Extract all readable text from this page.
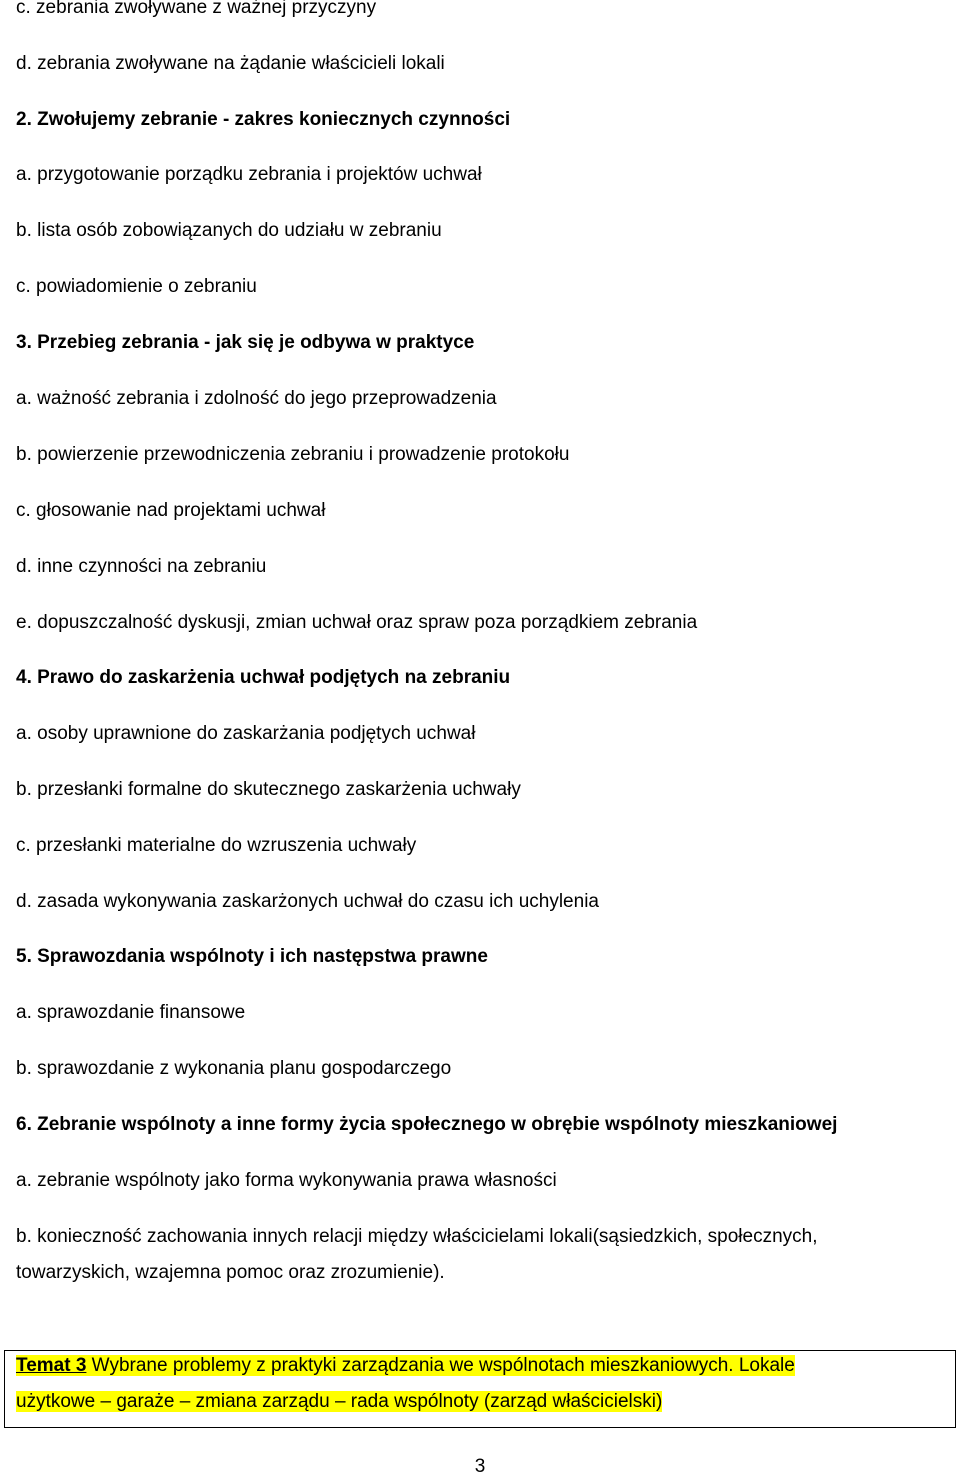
c. zebrania zwoływane z ważnej przyczyny

d. zebrania zwoływane na żądanie właścicieli lokali

2. Zwołujemy zebranie - zakres koniecznych czynności

a. przygotowanie porządku zebrania i projektów uchwał

b. lista osób zobowiązanych do udziału w zebraniu

c. powiadomienie o zebraniu

3. Przebieg zebrania - jak się je odbywa w praktyce

a. ważność zebrania i zdolność do jego przeprowadzenia

b. powierzenie przewodniczenia zebraniu i prowadzenie protokołu

c. głosowanie nad projektami uchwał

d. inne czynności na zebraniu

e. dopuszczalność dyskusji, zmian uchwał oraz spraw poza porządkiem zebrania

4. Prawo do zaskarżenia uchwał podjętych na zebraniu

a. osoby uprawnione do zaskarżania podjętych uchwał

b. przesłanki formalne do skutecznego zaskarżenia uchwały

c. przesłanki materialne do wzruszenia uchwały

d. zasada wykonywania zaskarżonych uchwał do czasu ich uchylenia

5. Sprawozdania wspólnoty i ich następstwa prawne

a. sprawozdanie finansowe

b. sprawozdanie z wykonania planu gospodarczego

6. Zebranie wspólnoty a inne formy życia społecznego w obrębie wspólnoty mieszkaniowej

a. zebranie wspólnoty jako forma wykonywania prawa własności

b. konieczność zachowania innych relacji między właścicielami lokali(sąsiedzkich, społecznych,

towarzyskich, wzajemna pomoc oraz zrozumienie).

Temat 3 Wybrane problemy z praktyki zarządzania we wspólnotach mieszkaniowych. Lokale

użytkowe – garaże – zmiana zarządu – rada wspólnoty (zarząd właścicielski)

3
